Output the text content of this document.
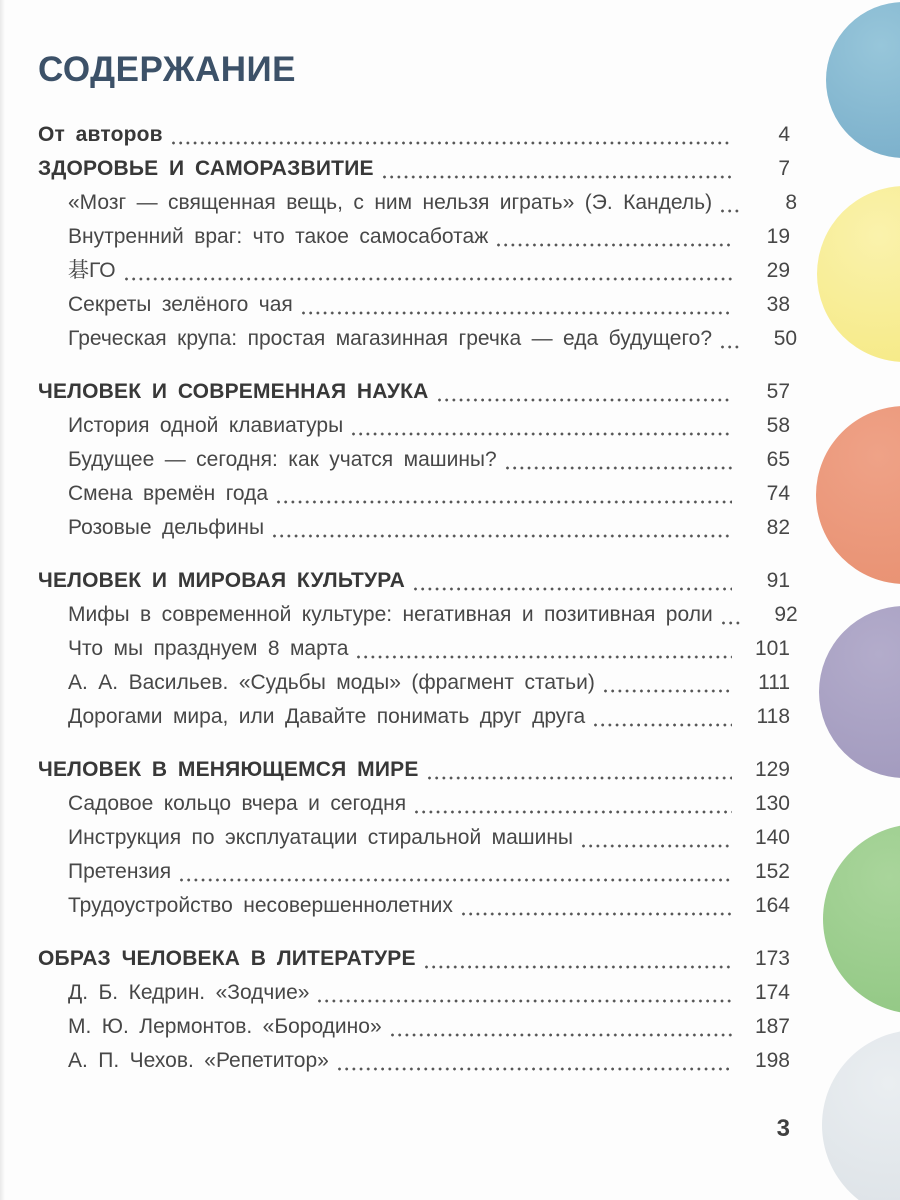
СОДЕРЖАНИЕ
От авторов	4
ЗДОРОВЬЕ И САМОРАЗВИТИЕ	7
«Мозг — священная вещь, с ним нельзя играть» (Э. Кандель)	8
Внутренний враг: что такое самосаботаж	19
碁ГО	29
Секреты зелёного чая	38
Греческая крупа: простая магазинная гречка — еда будущего?	50
ЧЕЛОВЕК И СОВРЕМЕННАЯ НАУКА	57
История одной клавиатуры	58
Будущее — сегодня: как учатся машины?	65
Смена времён года	74
Розовые дельфины	82
ЧЕЛОВЕК И МИРОВАЯ КУЛЬТУРА	91
Мифы в современной культуре: негативная и позитивная роли	92
Что мы празднуем 8 марта	101
А. А. Васильев. «Судьбы моды» (фрагмент статьи)	111
Дорогами мира, или Давайте понимать друг друга	118
ЧЕЛОВЕК В МЕНЯЮЩЕМСЯ МИРЕ	129
Садовое кольцо вчера и сегодня	130
Инструкция по эксплуатации стиральной машины	140
Претензия	152
Трудоустройство несовершеннолетних	164
ОБРАЗ ЧЕЛОВЕКА В ЛИТЕРАТУРЕ	173
Д. Б. Кедрин. «Зодчие»	174
М. Ю. Лермонтов. «Бородино»	187
А. П. Чехов. «Репетитор»	198
3
